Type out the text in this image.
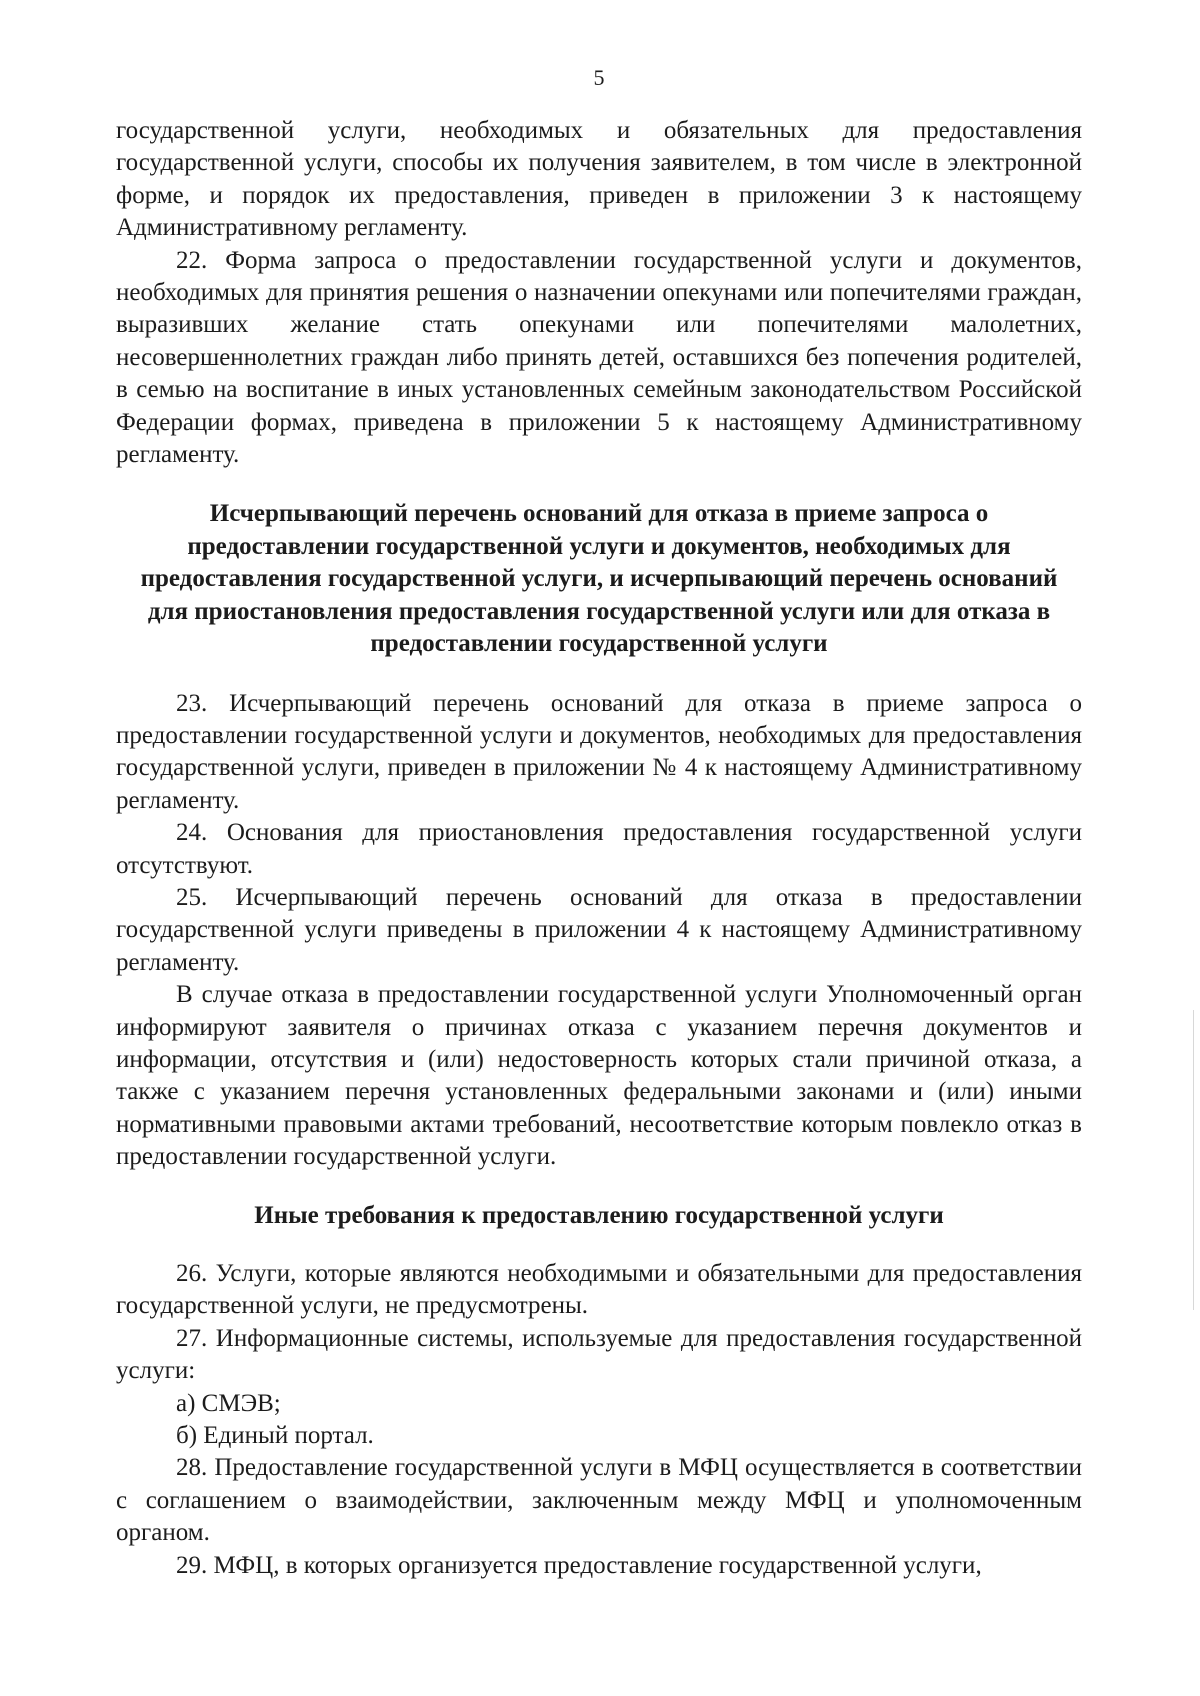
5

государственной услуги, необходимых и обязательных для предоставления государственной услуги, способы их получения заявителем, в том числе в электронной форме, и порядок их предоставления, приведен в приложении 3 к настоящему Административному регламенту.

22. Форма запроса о предоставлении государственной услуги и документов, необходимых для принятия решения о назначении опекунами или попечителями граждан, выразивших желание стать опекунами или попечителями малолетних, несовершеннолетних граждан либо принять детей, оставшихся без попечения родителей, в семью на воспитание в иных установленных семейным законодательством Российской Федерации формах, приведена в приложении 5 к настоящему Административному регламенту.

Исчерпывающий перечень оснований для отказа в приеме запроса о предоставлении государственной услуги и документов, необходимых для предоставления государственной услуги, и исчерпывающий перечень оснований для приостановления предоставления государственной услуги или для отказа в предоставлении государственной услуги

23. Исчерпывающий перечень оснований для отказа в приеме запроса о предоставлении государственной услуги и документов, необходимых для предоставления государственной услуги, приведен в приложении № 4 к настоящему Административному регламенту.

24. Основания для приостановления предоставления государственной услуги отсутствуют.

25. Исчерпывающий перечень оснований для отказа в предоставлении государственной услуги приведены в приложении 4 к настоящему Административному регламенту.

В случае отказа в предоставлении государственной услуги Уполномоченный орган информируют заявителя о причинах отказа с указанием перечня документов и информации, отсутствия и (или) недостоверность которых стали причиной отказа, а также с указанием перечня установленных федеральными законами и (или) иными нормативными правовыми актами требований, несоответствие которым повлекло отказ в предоставлении государственной услуги.

Иные требования к предоставлению государственной услуги

26. Услуги, которые являются необходимыми и обязательными для предоставления государственной услуги, не предусмотрены.

27. Информационные системы, используемые для предоставления государственной услуги:

а) СМЭВ;

б) Единый портал.

28. Предоставление государственной услуги в МФЦ осуществляется в соответствии с соглашением о взаимодействии, заключенным между МФЦ и уполномоченным органом.

29. МФЦ, в которых организуется предоставление государственной услуги,
